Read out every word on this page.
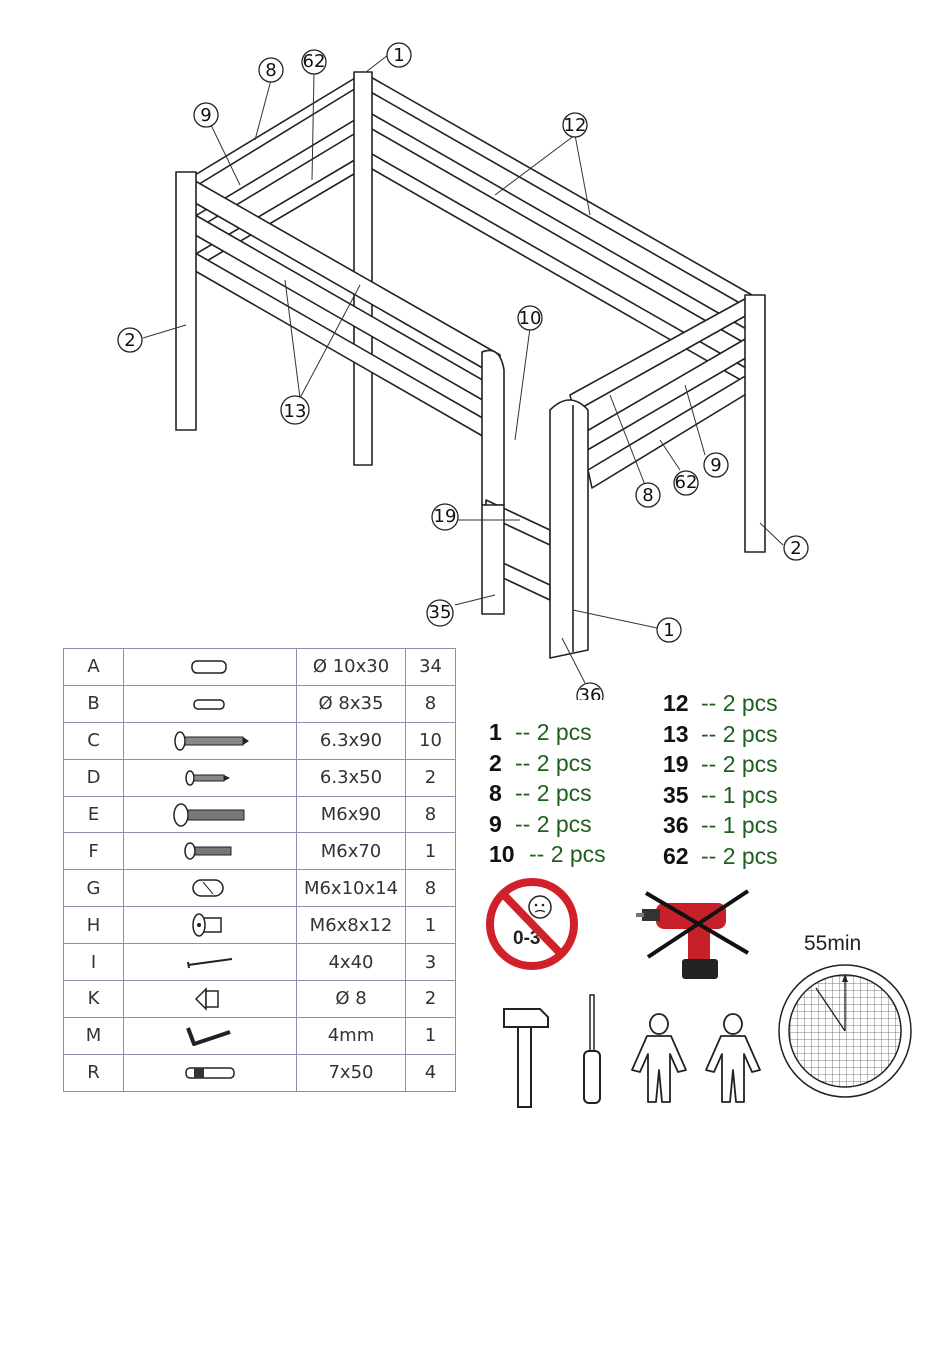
1
8 62
9	12
2
13
10
9
62
8
19
2
35
1
36
A		Ø 10x30	34
B		Ø 8x35	8
C		6.3x90	10
D		6.3x50	2
E		M6x90	8
F		M6x70	1
G		M6x10x14	8
H		M6x8x12	1
I		4x40	3
K		Ø 8	2
M		4mm	1
R		7x50	4
1 -- 2 pcs
2 -- 2 pcs
8 -- 2 pcs
9 -- 2 pcs
10 -- 2 pcs
12 -- 2 pcs
13 -- 2 pcs
19 -- 2 pcs
35 -- 1 pcs
36 -- 1 pcs
62 -- 2 pcs
0-3	55min
